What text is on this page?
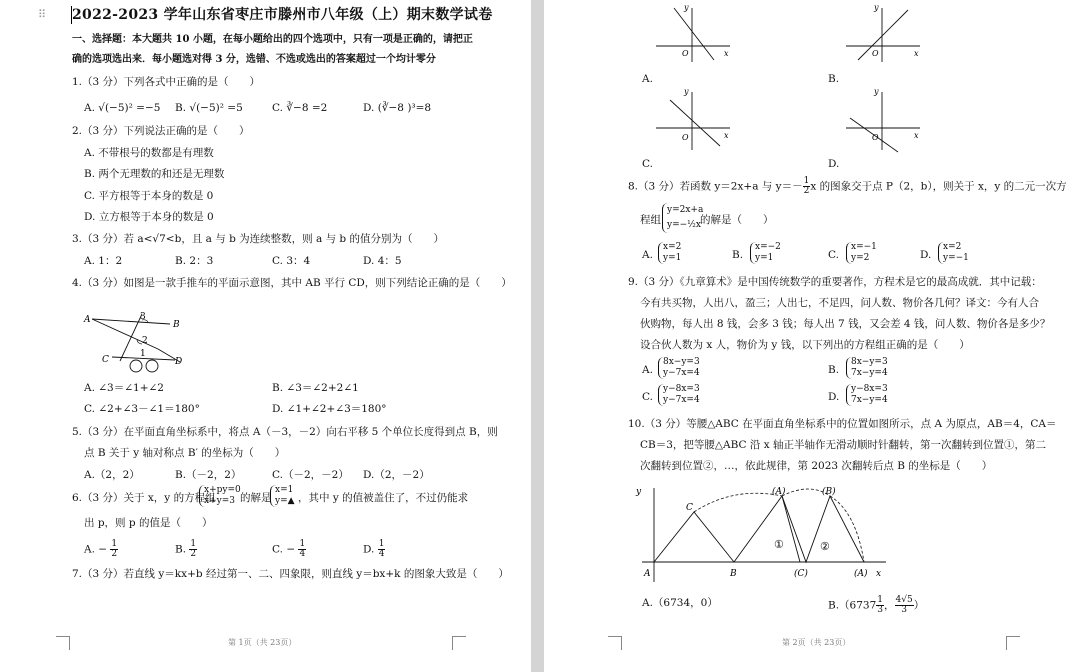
⠿ 2022-2023 学年山东省枣庄市滕州市八年级（上）期末数学试卷
一、选择题：本大题共 10 小题，在每小题给出的四个选项中，只有一项是正确的，请把正
确的选项选出来．每小题选对得 3 分，选错、不选或选出的答案超过一个均计零分
1.（3 分）下列各式中正确的是（　　）
A. √(−5)² =−5 B. √(−5)² =5	C. ∛−8 =2	D. (∛−8 )³=8
2.（3 分）下列说法正确的是（　　）
A. 不带根号的数都是有理数
B. 两个无理数的和还是无理数
C. 平方根等于本身的数是 0
D. 立方根等于本身的数是 0
3.（3 分）若 a<√7<b，且 a 与 b 为连续整数，则 a 与 b 的值分别为（　　）
A. 1：2	B. 2：3	C. 3：4	D. 4：5
4.（3 分）如图是一款手推车的平面示意图，其中 AB 平行 CD，则下列结论正确的是（　　）
A	B
C	D
1
2
3
A. ∠3＝∠1+∠2	B. ∠3＝∠2+2∠1
C. ∠2+∠3－∠1＝180°	D. ∠1+∠2+∠3＝180°
5.（3 分）在平面直角坐标系中，将点 A（－3，－2）向右平移 5 个单位长度得到点 B，则
点 B 关于 y 轴对称点 B′ 的坐标为（　　）
A.（2，2）	B.（－2，2）	C.（－2，－2） D.（2，－2）
6.（3 分）关于 x，y 的方程组
x+py=0
x+y=3 的解是
x=1
y=▲ ，其中 y 的值被盖住了，不过仍能求
出 p，则 p 的值是（　　）
A. − $\frac{1}{2}$	B. $\frac{1}{2}$	C. − $\frac{1}{4}$	D. $\frac{1}{4}$
7.（3 分）若直线 y＝kx+b 经过第一、二、四象限，则直线 y＝bx+k 的图象大致是（　　）
第 1页（共 23页）
y
x
O
y
x
O
A.	B.
y
x
O
y
x
O
C.	D.
8.（3 分）若函数 y＝2x+a 与 $y=- \frac{1}{2}x$ 的图象交于点 P（2，b），则关于 x，y 的二元一次方
程组
y=2x+a
y=−½x 的解是（　　）
A.
x=2
y=1	B.
x=−2
y=1	C.
x=−1
y=2	D.
x=2
y=−1
9.（3 分）《九章算术》是中国传统数学的重要著作，方程术是它的最高成就．其中记载：
今有共买物，人出八，盈三；人出七，不足四，问人数、物价各几何？译文：今有人合
伙购物，每人出 8 钱，会多 3 钱；每人出 7 钱，又会差 4 钱，问人数、物价各是多少？
设合伙人数为 x 人，物价为 y 钱，以下列出的方程组正确的是（　　）
A.
8x−y=3
y−7x=4	B.
8x−y=3
7x−y=4
C.
y−8x=3
y−7x=4	D.
y−8x=3
7x−y=4
10.（3 分）等腰△ABC 在平面直角坐标系中的位置如图所示，点 A 为原点，AB＝4，CA＝
CB＝3，把等腰△ABC 沿 x 轴正半轴作无滑动顺时针翻转，第一次翻转到位置①，第二
次翻转到位置②，…，依此规律，第 2023 次翻转后点 B 的坐标是（　　）
y
C
A	B
(A)	(B)
(C)	(A) x
①	②
A.（6734，0）	$B.(6737 \frac{1}{3}$， $\frac{4√5}{3}$）
第 2页（共 23页）
